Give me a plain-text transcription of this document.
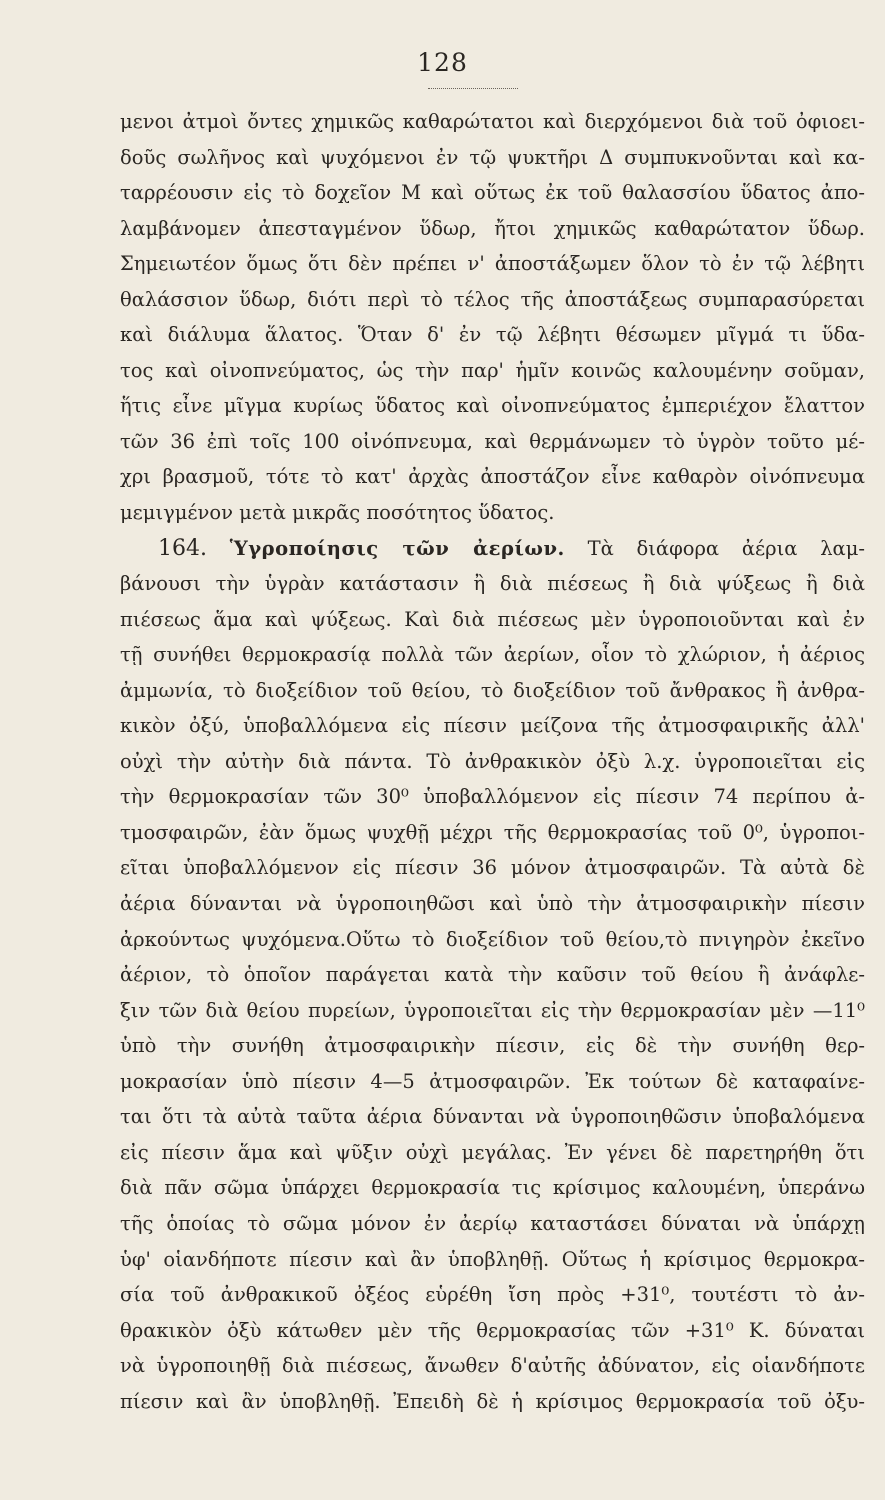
128
μενοι ἀτμοὶ ὄντες χημικῶς καθαρώτατοι καὶ διερχόμενοι διὰ τοῦ ὀφιοει-
δοῦς σωλῆνος καὶ ψυχόμενοι ἐν τῷ ψυκτῆρι Δ συμπυκνοῦνται καὶ κα-
ταρρέουσιν εἰς τὸ δοχεῖον Μ καὶ οὕτως ἐκ τοῦ θαλασσίου ὕδατος ἀπο-
λαμβάνομεν ἀπεσταγμένον ὕδωρ, ἤτοι χημικῶς καθαρώτατον ὕδωρ.
Σημειωτέον ὅμως ὅτι δὲν πρέπει ν' ἀποστάξωμεν ὅλον τὸ ἐν τῷ λέβητι
θαλάσσιον ὕδωρ, διότι περὶ τὸ τέλος τῆς ἀποστάξεως συμπαρασύρεται
καὶ διάλυμα ἅλατος. Ὅταν δ' ἐν τῷ λέβητι θέσωμεν μῖγμά τι ὕδα-
τος καὶ οἰνοπνεύματος, ὡς τὴν παρ' ἡμῖν κοινῶς καλουμένην σοῦμαν,
ἥτις εἶνε μῖγμα κυρίως ὕδατος καὶ οἰνοπνεύματος ἐμπεριέχον ἔλαττον
τῶν 36 ἐπὶ τοῖς 100 οἰνόπνευμα, καὶ θερμάνωμεν τὸ ὑγρὸν τοῦτο μέ-
χρι βρασμοῦ, τότε τὸ κατ' ἀρχὰς ἀποστάζον εἶνε καθαρὸν οἰνόπνευμα
μεμιγμένον μετὰ μικρᾶς ποσότητος ὕδατος.
164. Ὑγροποίησις τῶν ἀερίων. Τὰ διάφορα ἀέρια λαμ-
βάνουσι τὴν ὑγρὰν κατάστασιν ἢ διὰ πιέσεως ἢ διὰ ψύξεως ἢ διὰ
πιέσεως ἅμα καὶ ψύξεως. Καὶ διὰ πιέσεως μὲν ὑγροποιοῦνται καὶ ἐν
τῇ συνήθει θερμοκρασίᾳ πολλὰ τῶν ἀερίων, οἷον τὸ χλώριον, ἡ ἀέριος
ἀμμωνία, τὸ διοξείδιον τοῦ θείου, τὸ διοξείδιον τοῦ ἄνθρακος ἢ ἀνθρα-
κικὸν ὀξύ, ὑποβαλλόμενα εἰς πίεσιν μείζονα τῆς ἀτμοσφαιρικῆς ἀλλ'
οὐχὶ τὴν αὐτὴν διὰ πάντα. Τὸ ἀνθρακικὸν ὀξὺ λ.χ. ὑγροποιεῖται εἰς
τὴν θερμοκρασίαν τῶν 30⁰ ὑποβαλλόμενον εἰς πίεσιν 74 περίπου ἀ-
τμοσφαιρῶν, ἐὰν ὅμως ψυχθῇ μέχρι τῆς θερμοκρασίας τοῦ 0⁰, ὑγροποι-
εῖται ὑποβαλλόμενον εἰς πίεσιν 36 μόνον ἀτμοσφαιρῶν. Τὰ αὐτὰ δὲ
ἀέρια δύνανται νὰ ὑγροποιηθῶσι καὶ ὑπὸ τὴν ἀτμοσφαιρικὴν πίεσιν
ἀρκούντως ψυχόμενα.Οὕτω τὸ διοξείδιον τοῦ θείου,τὸ πνιγηρὸν ἐκεῖνο
ἀέριον, τὸ ὁποῖον παράγεται κατὰ τὴν καῦσιν τοῦ θείου ἢ ἀνάφλε-
ξιν τῶν διὰ θείου πυρείων, ὑγροποιεῖται εἰς τὴν θερμοκρασίαν μὲν —11⁰
ὑπὸ τὴν συνήθη ἀτμοσφαιρικὴν πίεσιν, εἰς δὲ τὴν συνήθη θερ-
μοκρασίαν ὑπὸ πίεσιν 4—5 ἀτμοσφαιρῶν. Ἐκ τούτων δὲ καταφαίνε-
ται ὅτι τὰ αὐτὰ ταῦτα ἀέρια δύνανται νὰ ὑγροποιηθῶσιν ὑποβαλόμενα
εἰς πίεσιν ἅμα καὶ ψῦξιν οὐχὶ μεγάλας. Ἐν γένει δὲ παρετηρήθη ὅτι
διὰ πᾶν σῶμα ὑπάρχει θερμοκρασία τις κρίσιμος καλουμένη, ὑπεράνω
τῆς ὁποίας τὸ σῶμα μόνον ἐν ἀερίῳ καταστάσει δύναται νὰ ὑπάρχῃ
ὑφ' οἱανδήποτε πίεσιν καὶ ἂν ὑποβληθῇ. Οὕτως ἡ κρίσιμος θερμοκρα-
σία τοῦ ἀνθρακικοῦ ὀξέος εὑρέθη ἴση πρὸς +31⁰, τουτέστι τὸ ἀν-
θρακικὸν ὀξὺ κάτωθεν μὲν τῆς θερμοκρασίας τῶν +31⁰ Κ. δύναται
νὰ ὑγροποιηθῇ διὰ πιέσεως, ἄνωθεν δ'αὐτῆς ἀδύνατον, εἰς οἱανδήποτε
πίεσιν καὶ ἂν ὑποβληθῇ. Ἐπειδὴ δὲ ἡ κρίσιμος θερμοκρασία τοῦ ὀξυ-
